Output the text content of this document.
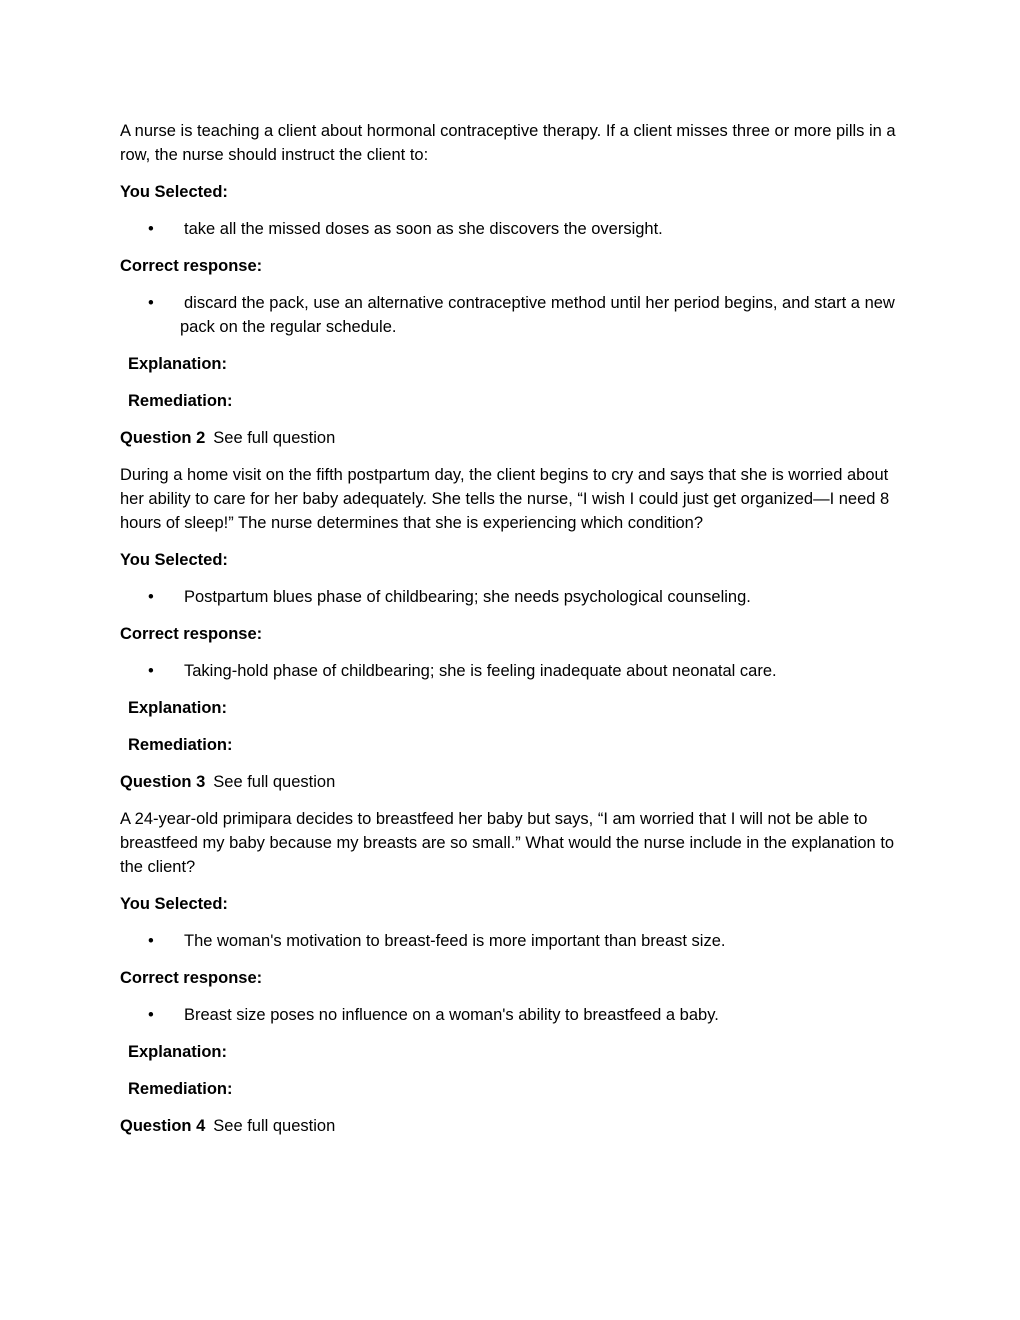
A nurse is teaching a client about hormonal contraceptive therapy. If a client misses three or more pills in a row, the nurse should instruct the client to:

You Selected:
• take all the missed doses as soon as she discovers the oversight.
Correct response:
• discard the pack, use an alternative contraceptive method until her period begins, and start a new pack on the regular schedule.
Explanation:
Remediation:
Question 2 See full question

During a home visit on the fifth postpartum day, the client begins to cry and says that she is worried about her ability to care for her baby adequately. She tells the nurse, “I wish I could just get organized—I need 8 hours of sleep!” The nurse determines that she is experiencing which condition?

You Selected:
• Postpartum blues phase of childbearing; she needs psychological counseling.
Correct response:
• Taking-hold phase of childbearing; she is feeling inadequate about neonatal care.
Explanation:
Remediation:
Question 3 See full question

A 24-year-old primipara decides to breastfeed her baby but says, “I am worried that I will not be able to breastfeed my baby because my breasts are so small.” What would the nurse include in the explanation to the client?

You Selected:
• The woman's motivation to breast-feed is more important than breast size.
Correct response:
• Breast size poses no influence on a woman's ability to breastfeed a baby.
Explanation:
Remediation:
Question 4 See full question
